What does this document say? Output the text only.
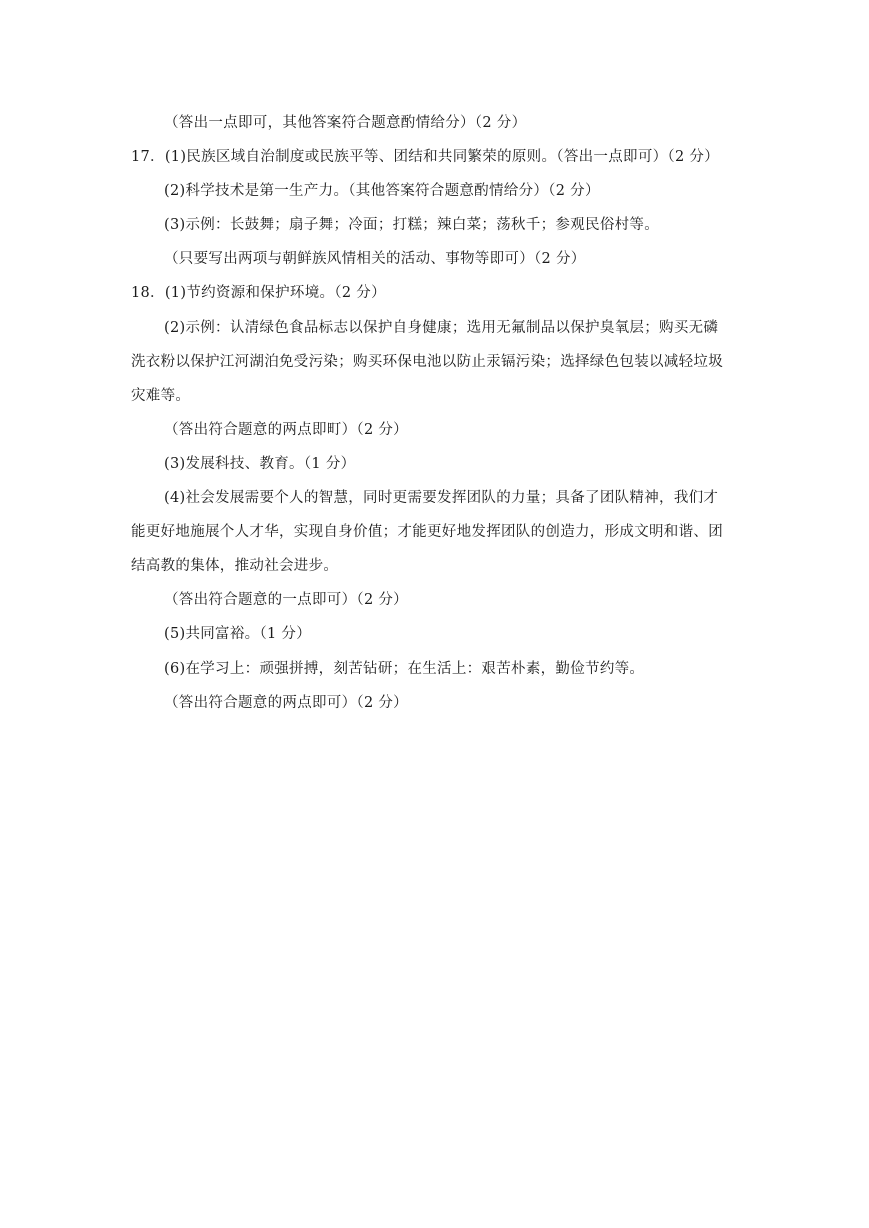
（答出一点即可，其他答案符合题意酌情给分）（2 分）
17．(1)民族区域自治制度或民族平等、团结和共同繁荣的原则。（答出一点即可）（2 分）
(2)科学技术是第一生产力。（其他答案符合题意酌情给分）（2 分）
(3)示例：长鼓舞；扇子舞；冷面；打糕；辣白菜；荡秋千；参观民俗村等。
（只要写出两项与朝鲜族风情相关的活动、事物等即可）（2 分）
18．(1)节约资源和保护环境。（2 分）
(2)示例：认清绿色食品标志以保护自身健康；选用无氟制品以保护臭氧层；购买无磷
洗衣粉以保护江河湖泊免受污染；购买环保电池以防止汞镉污染；选择绿色包装以减轻垃圾
灾难等。
（答出符合题意的两点即町）（2 分）
(3)发展科技、教育。（1 分）
(4)社会发展需要个人的智慧，同时更需要发挥团队的力量；具备了团队精神，我们才
能更好地施展个人才华，实现自身价值；才能更好地发挥团队的创造力，形成文明和谐、团
结高教的集体，推动社会进步。
（答出符合题意的一点即可）（2 分）
(5)共同富裕。（1 分）
(6)在学习上：顽强拼搏，刻苦钻研；在生活上：艰苦朴素，勤俭节约等。
（答出符合题意的两点即可）（2 分）
